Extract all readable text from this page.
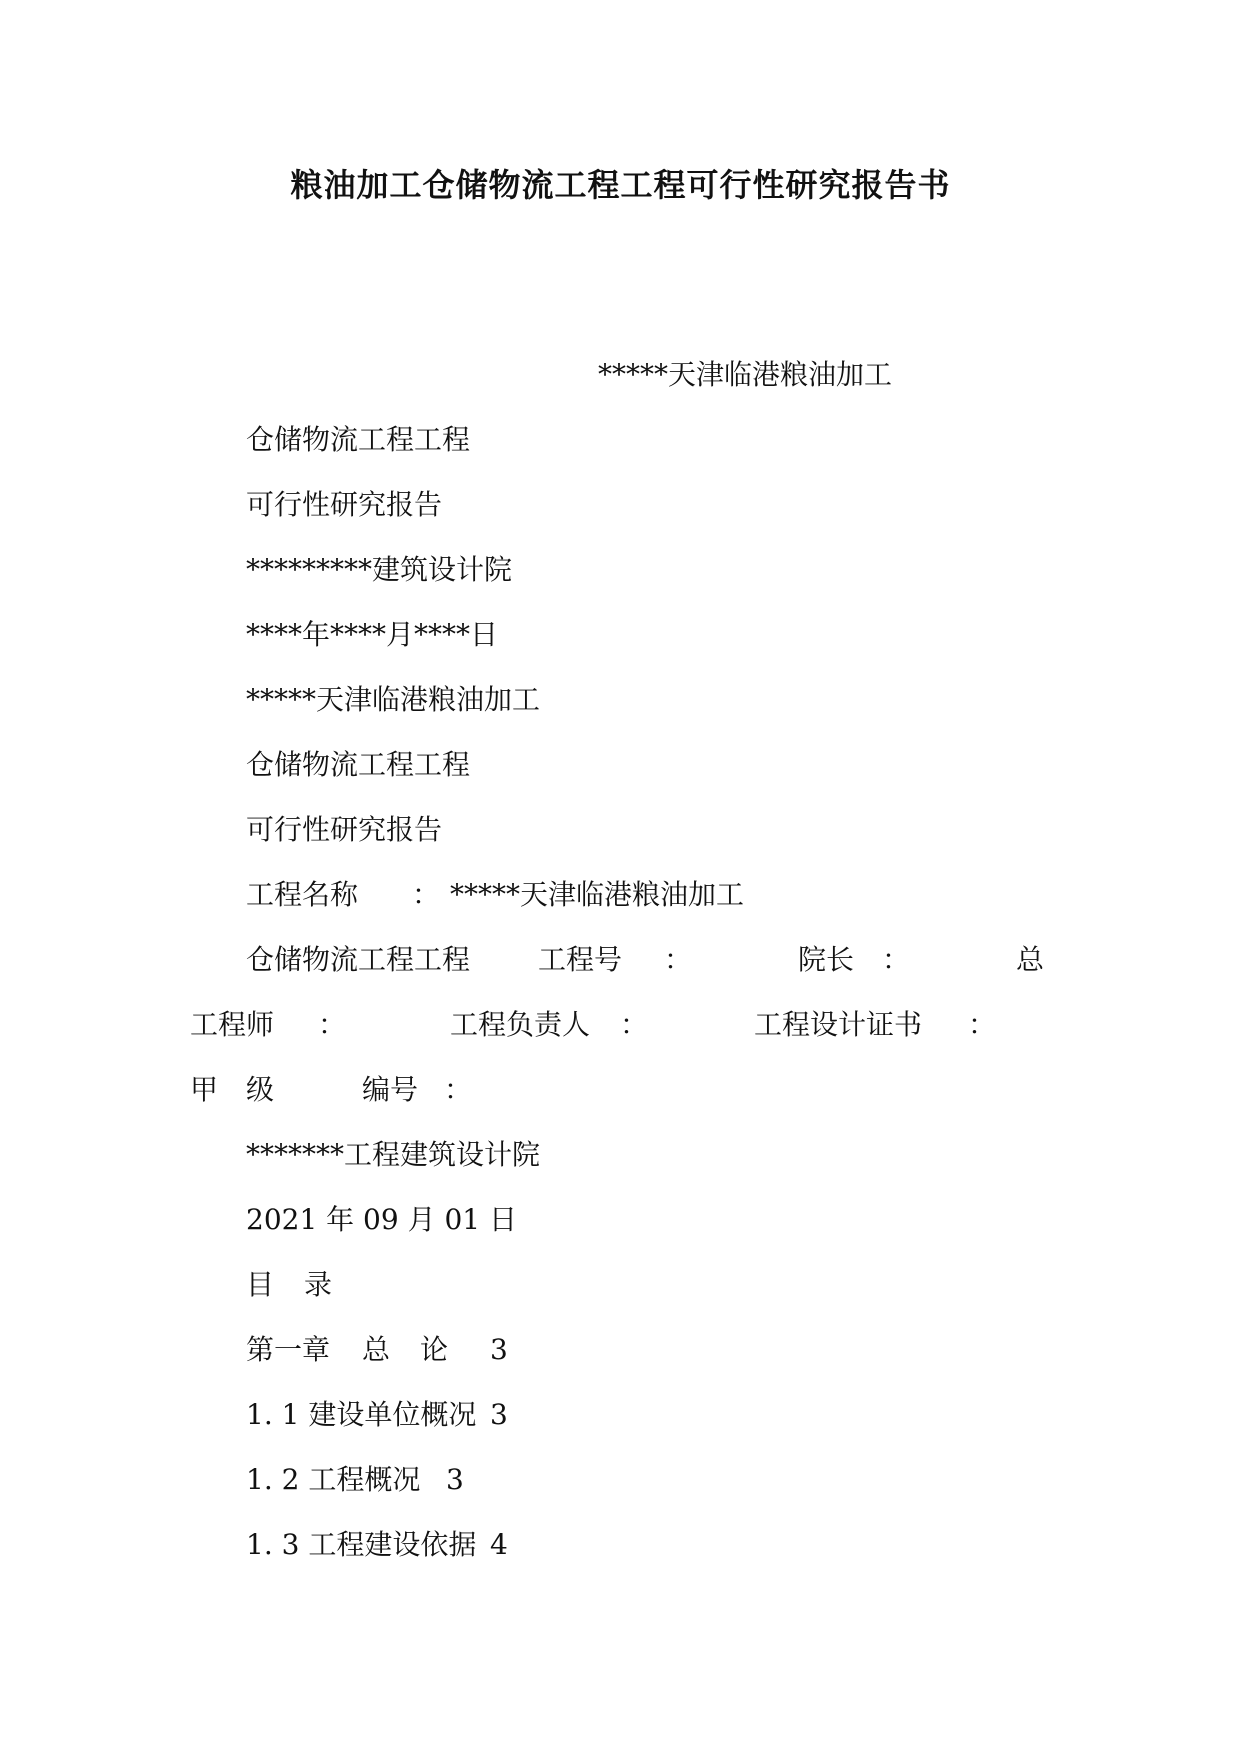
粮油加工仓储物流工程工程可行性研究报告书
*****天津临港粮油加工
仓储物流工程工程
可行性研究报告
*********建筑设计院
****年****月****日
*****天津临港粮油加工
仓储物流工程工程
可行性研究报告
工程名称 ： *****天津临港粮油加工
仓储物流工程工程 工程号 ：	院长 ：	总
工程师 ：	工程负责人 ：	工程设计证书 ：
甲 级	编号 ：
*******工程建筑设计院
2021 年 09 月 01 日
目 录
第一章 总 论 3
1. 1 建设单位概况 3
1. 2 工程概况 3
1. 3 工程建设依据 4
